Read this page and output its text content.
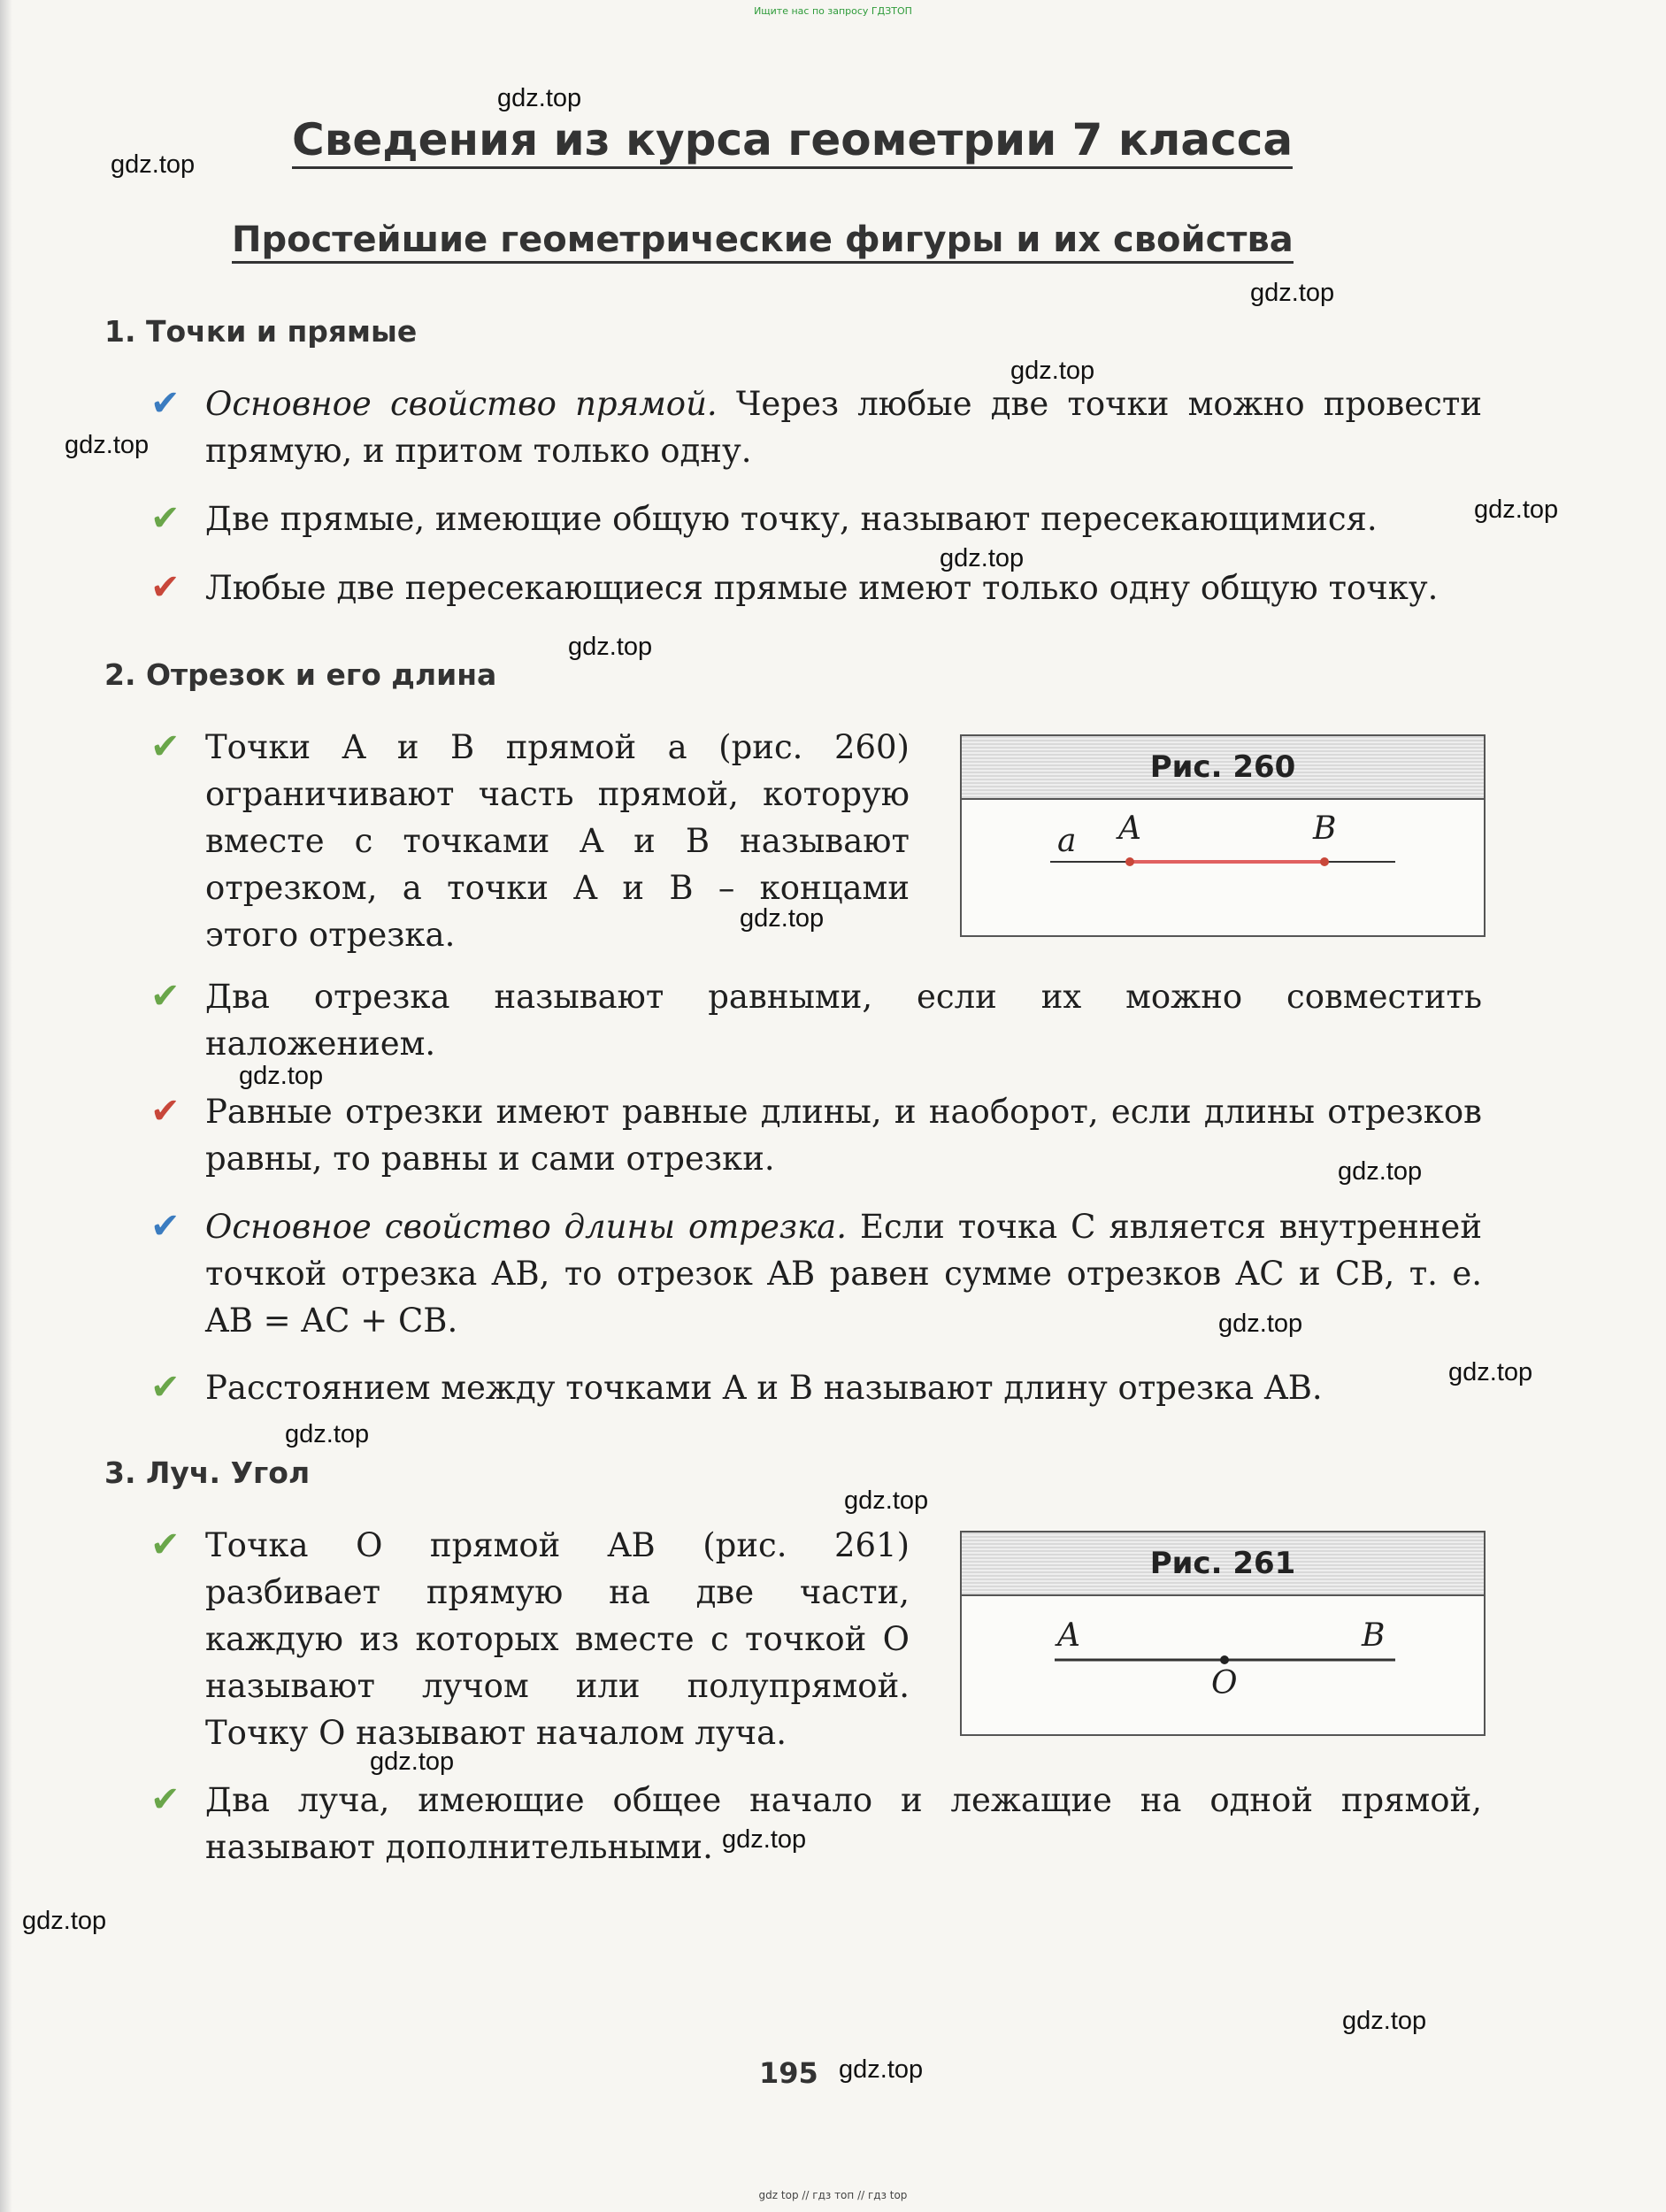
Ищите нас по запросу ГДЗТОП
Сведения из курса геометрии 7 класса
Простейшие геометрические фигуры и их свойства
1. Точки и прямые
✔ Основное свойство прямой. Через любые две точки можно провести прямую, и притом только одну.

✔ Две прямые, имеющие общую точку, называют пересекающимися.

✔ Любые две пересекающиеся прямые имеют только одну общую точку.

2. Отрезок и его длина
✔ Точки A и B прямой a (рис. 260) ограничивают часть прямой, которую вместе с точками A и B называют отрезком, а точки A и B – концами этого отрезка.

Рис. 260
a A	B
✔ Два отрезка называют равными, если их можно совместить наложением.

✔ Равные отрезки имеют равные длины, и наоборот, если длины отрезков равны, то равны и сами отрезки.

✔ Основное свойство длины отрезка. Если точка C является внутренней точкой отрезка AB, то отрезок AB равен сумме отрезков AC и CB, т. е. AB = AC + CB.

✔ Расстоянием между точками A и B называют длину отрезка AB.

3. Луч. Угол
✔ Точка O прямой AB (рис. 261) разбивает прямую на две части, каждую из которых вместе с точкой O называют лучом или полупрямой. Точку O называют началом луча.

Рис. 261
A	B
O
✔ Два луча, имеющие общее начало и лежащие на одной прямой, называют дополнительными.

gdz.top
gdz.top
gdz.top
gdz.top
gdz.top
gdz.top
gdz.top
gdz.top
gdz.top
gdz.top
gdz.top
gdz.top
gdz.top
gdz.top
gdz.top
gdz.top
gdz.top
gdz.top
gdz.top
gdz.top
195
gdz top // гдз топ // гдз top
